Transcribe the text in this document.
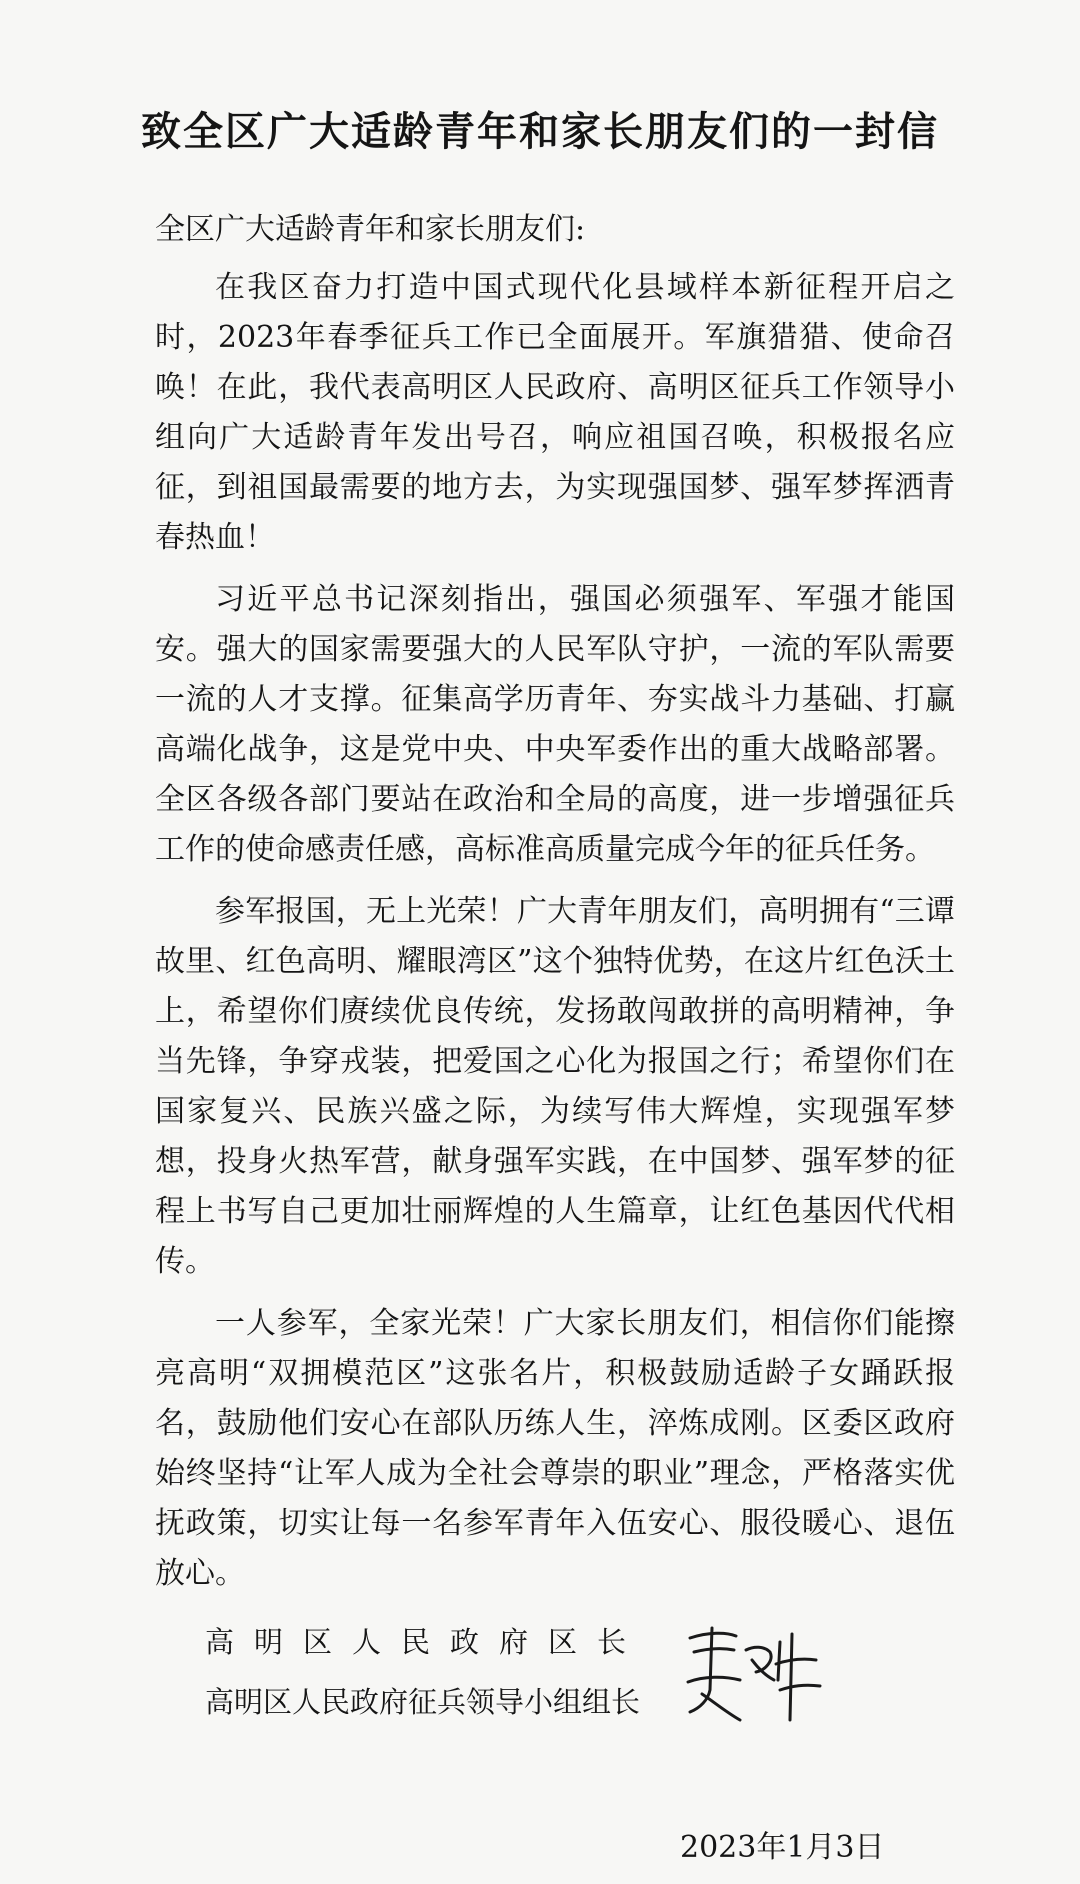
致全区广大适龄青年和家长朋友们的一封信

全区广大适龄青年和家长朋友们:

在我区奋力打造中国式现代化县域样本新征程开启之时，2023年春季征兵工作已全面展开。军旗猎猎、使命召唤！在此，我代表高明区人民政府、高明区征兵工作领导小组向广大适龄青年发出号召，响应祖国召唤，积极报名应征，到祖国最需要的地方去，为实现强国梦、强军梦挥洒青春热血！

习近平总书记深刻指出，强国必须强军、军强才能国安。强大的国家需要强大的人民军队守护，一流的军队需要一流的人才支撑。征集高学历青年、夯实战斗力基础、打赢高端化战争，这是党中央、中央军委作出的重大战略部署。全区各级各部门要站在政治和全局的高度，进一步增强征兵工作的使命感责任感，高标准高质量完成今年的征兵任务。

参军报国，无上光荣！广大青年朋友们，高明拥有“三谭故里、红色高明、耀眼湾区”这个独特优势，在这片红色沃土上，希望你们赓续优良传统，发扬敢闯敢拼的高明精神，争当先锋，争穿戎装，把爱国之心化为报国之行；希望你们在国家复兴、民族兴盛之际，为续写伟大辉煌，实现强军梦想，投身火热军营，献身强军实践，在中国梦、强军梦的征程上书写自己更加壮丽辉煌的人生篇章，让红色基因代代相传。

一人参军，全家光荣！广大家长朋友们，相信你们能擦亮高明“双拥模范区”这张名片，积极鼓励适龄子女踊跃报名，鼓励他们安心在部队历练人生，淬炼成刚。区委区政府始终坚持“让军人成为全社会尊崇的职业”理念，严格落实优抚政策，切实让每一名参军青年入伍安心、服役暖心、退伍放心。

高明区人民政府区长
高明区人民政府征兵领导小组组长
2023年1月3日
